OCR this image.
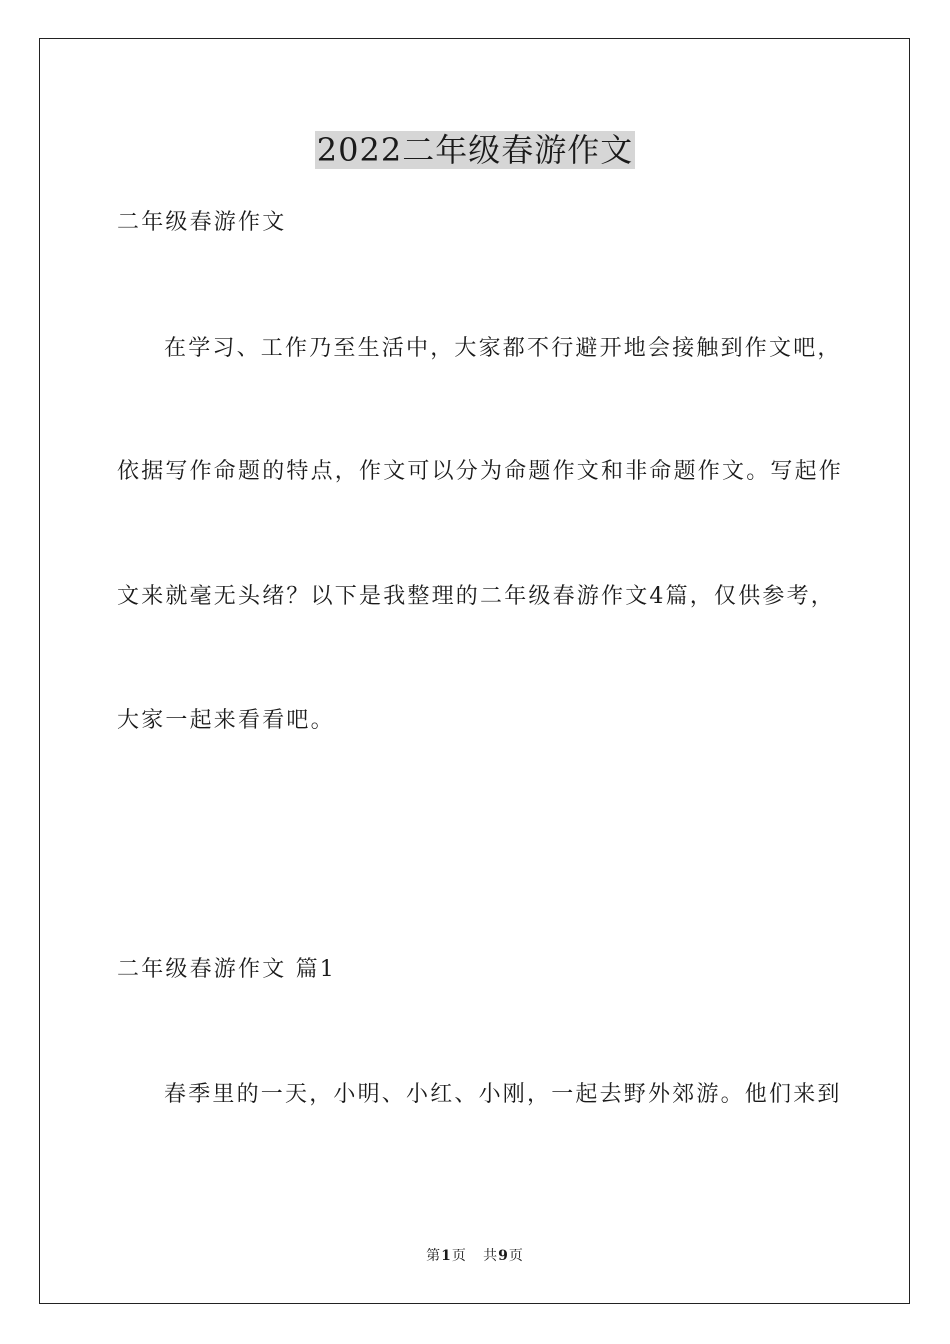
2022二年级春游作文
二年级春游作文
在学习、工作乃至生活中，大家都不行避开地会接触到作文吧，
依据写作命题的特点，作文可以分为命题作文和非命题作文。写起作
文来就毫无头绪？以下是我整理的二年级春游作文4篇，仅供参考，
大家一起来看看吧。
二年级春游作文 篇1
春季里的一天，小明、小红、小刚，一起去野外郊游。他们来到
第1页 共9页
